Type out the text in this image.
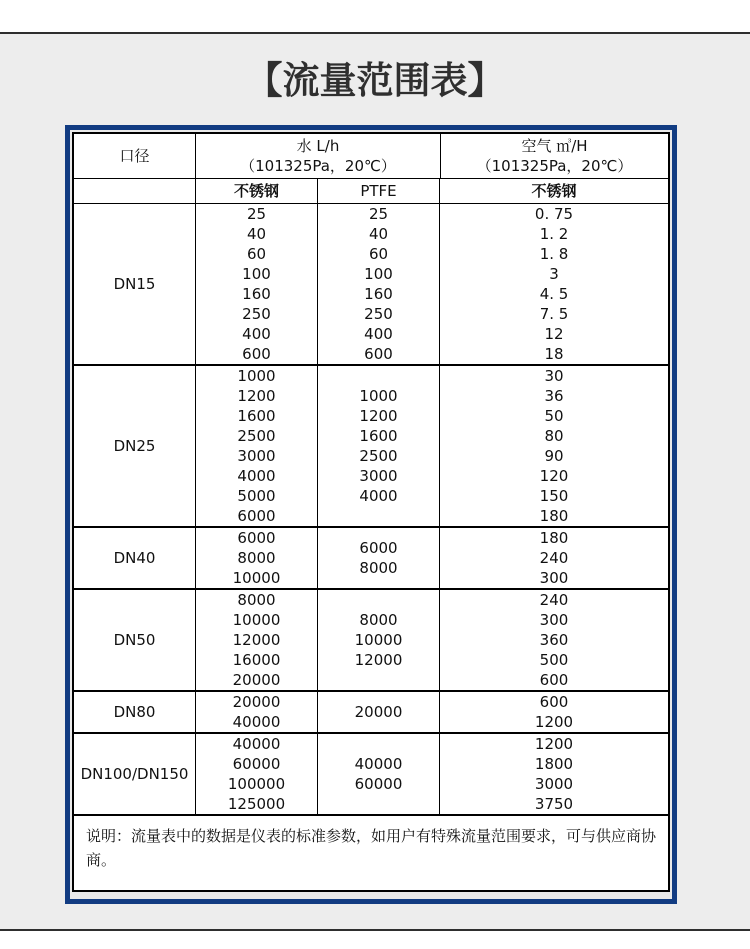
【流量范围表】
口径
水 L/h
（101325Pa，20℃）
空气 ㎥/H
（101325Pa，20℃）
不锈钢	PTFE	不锈钢
DN15
25
40
60
100
160
250
400
600
25
40
60
100
160
250
400
600
0. 75
1. 2
1. 8
3
4. 5
7. 5
12
18
DN25
1000
1200
1600
2500
3000
4000
5000
6000
1000
1200
1600
2500
3000
4000
30
36
50
80
90
120
150
180
DN40
6000
8000
10000
6000
8000
180
240
300
DN50
8000
10000
12000
16000
20000
8000
10000
12000
240
300
360
500
600
DN80
20000
40000
20000
600
1200
DN100/DN150
40000
60000
100000
125000
40000
60000
1200
1800
3000
3750
说明：流量表中的数据是仪表的标准参数，如用户有特殊流量范围要求，可与供应商协商。
